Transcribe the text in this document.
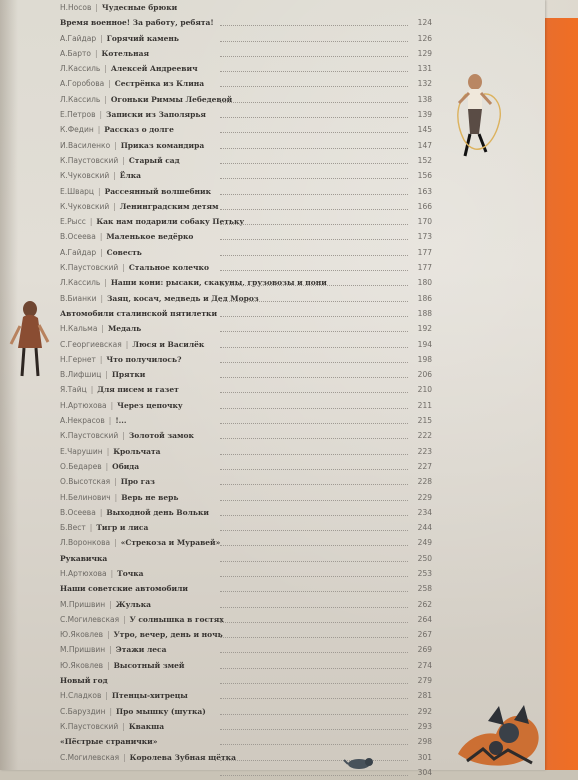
Н.Носов | Чудесные брюки
Время военное! За работу, ребята!	124
А.Гайдар | Горячий камень	126
А.Барто | Котельная	129
Л.Кассиль | Алексей Андреевич	131
А.Горобова | Сестрёнка из Клина	132
Л.Кассиль | Огоньки Риммы Лебедевой	138
Е.Петров | Записки из Заполярья	139
К.Федин | Рассказ о долге	145
И.Василенко | Приказ командира	147
К.Паустовский | Старый сад	152
К.Чуковский | Ёлка	156
Е.Шварц | Рассеянный волшебник	163
К.Чуковский | Ленинградским детям	166
Е.Рысс | Как нам подарили собаку Петьку	170
В.Осеева | Маленькое ведёрко	173
А.Гайдар | Совесть	177
К.Паустовский | Стальное колечко	177
Л.Кассиль | Наши кони: рысаки, скакуны, грузовозы и пони	180
В.Бианки | Заяц, косач, медведь и Дед Мороз	186
Автомобили сталинской пятилетки	188
Н.Кальма | Медаль	192
С.Георгиевская | Люся и Василёк	194
Н.Гернет | Что получилось?	198
В.Лифшиц | Прятки	206
Я.Тайц | Для писем и газет	210
Н.Артюхова | Через цепочку	211
А.Некрасов | !...	215
К.Паустовский | Золотой замок	222
Е.Чарушин | Крольчата	223
О.Бедарев | Обида	227
О.Высотская | Про газ	228
Н.Белинович | Верь не верь	229
В.Осеева | Выходной день Вольки	234
Б.Вест | Тигр и лиса	244
Л.Воронкова | «Стрекоза и Муравей»	249
Рукавичка	250
Н.Артюхова | Точка	253
Наши советские автомобили	258
М.Пришвин | Жулька	262
С.Могилевская | У солнышка в гостях	264
Ю.Яковлев | Утро, вечер, день и ночь	267
М.Пришвин | Этажи леса	269
Ю.Яковлев | Высотный змей	274
Новый год	279
Н.Сладков | Птенцы-хитрецы	281
С.Баруздин | Про мышку (шутка)	292
К.Паустовский | Квакша	293
«Пёстрые странички»	298
С.Могилевская | Королева Зубная щётка	301
304
